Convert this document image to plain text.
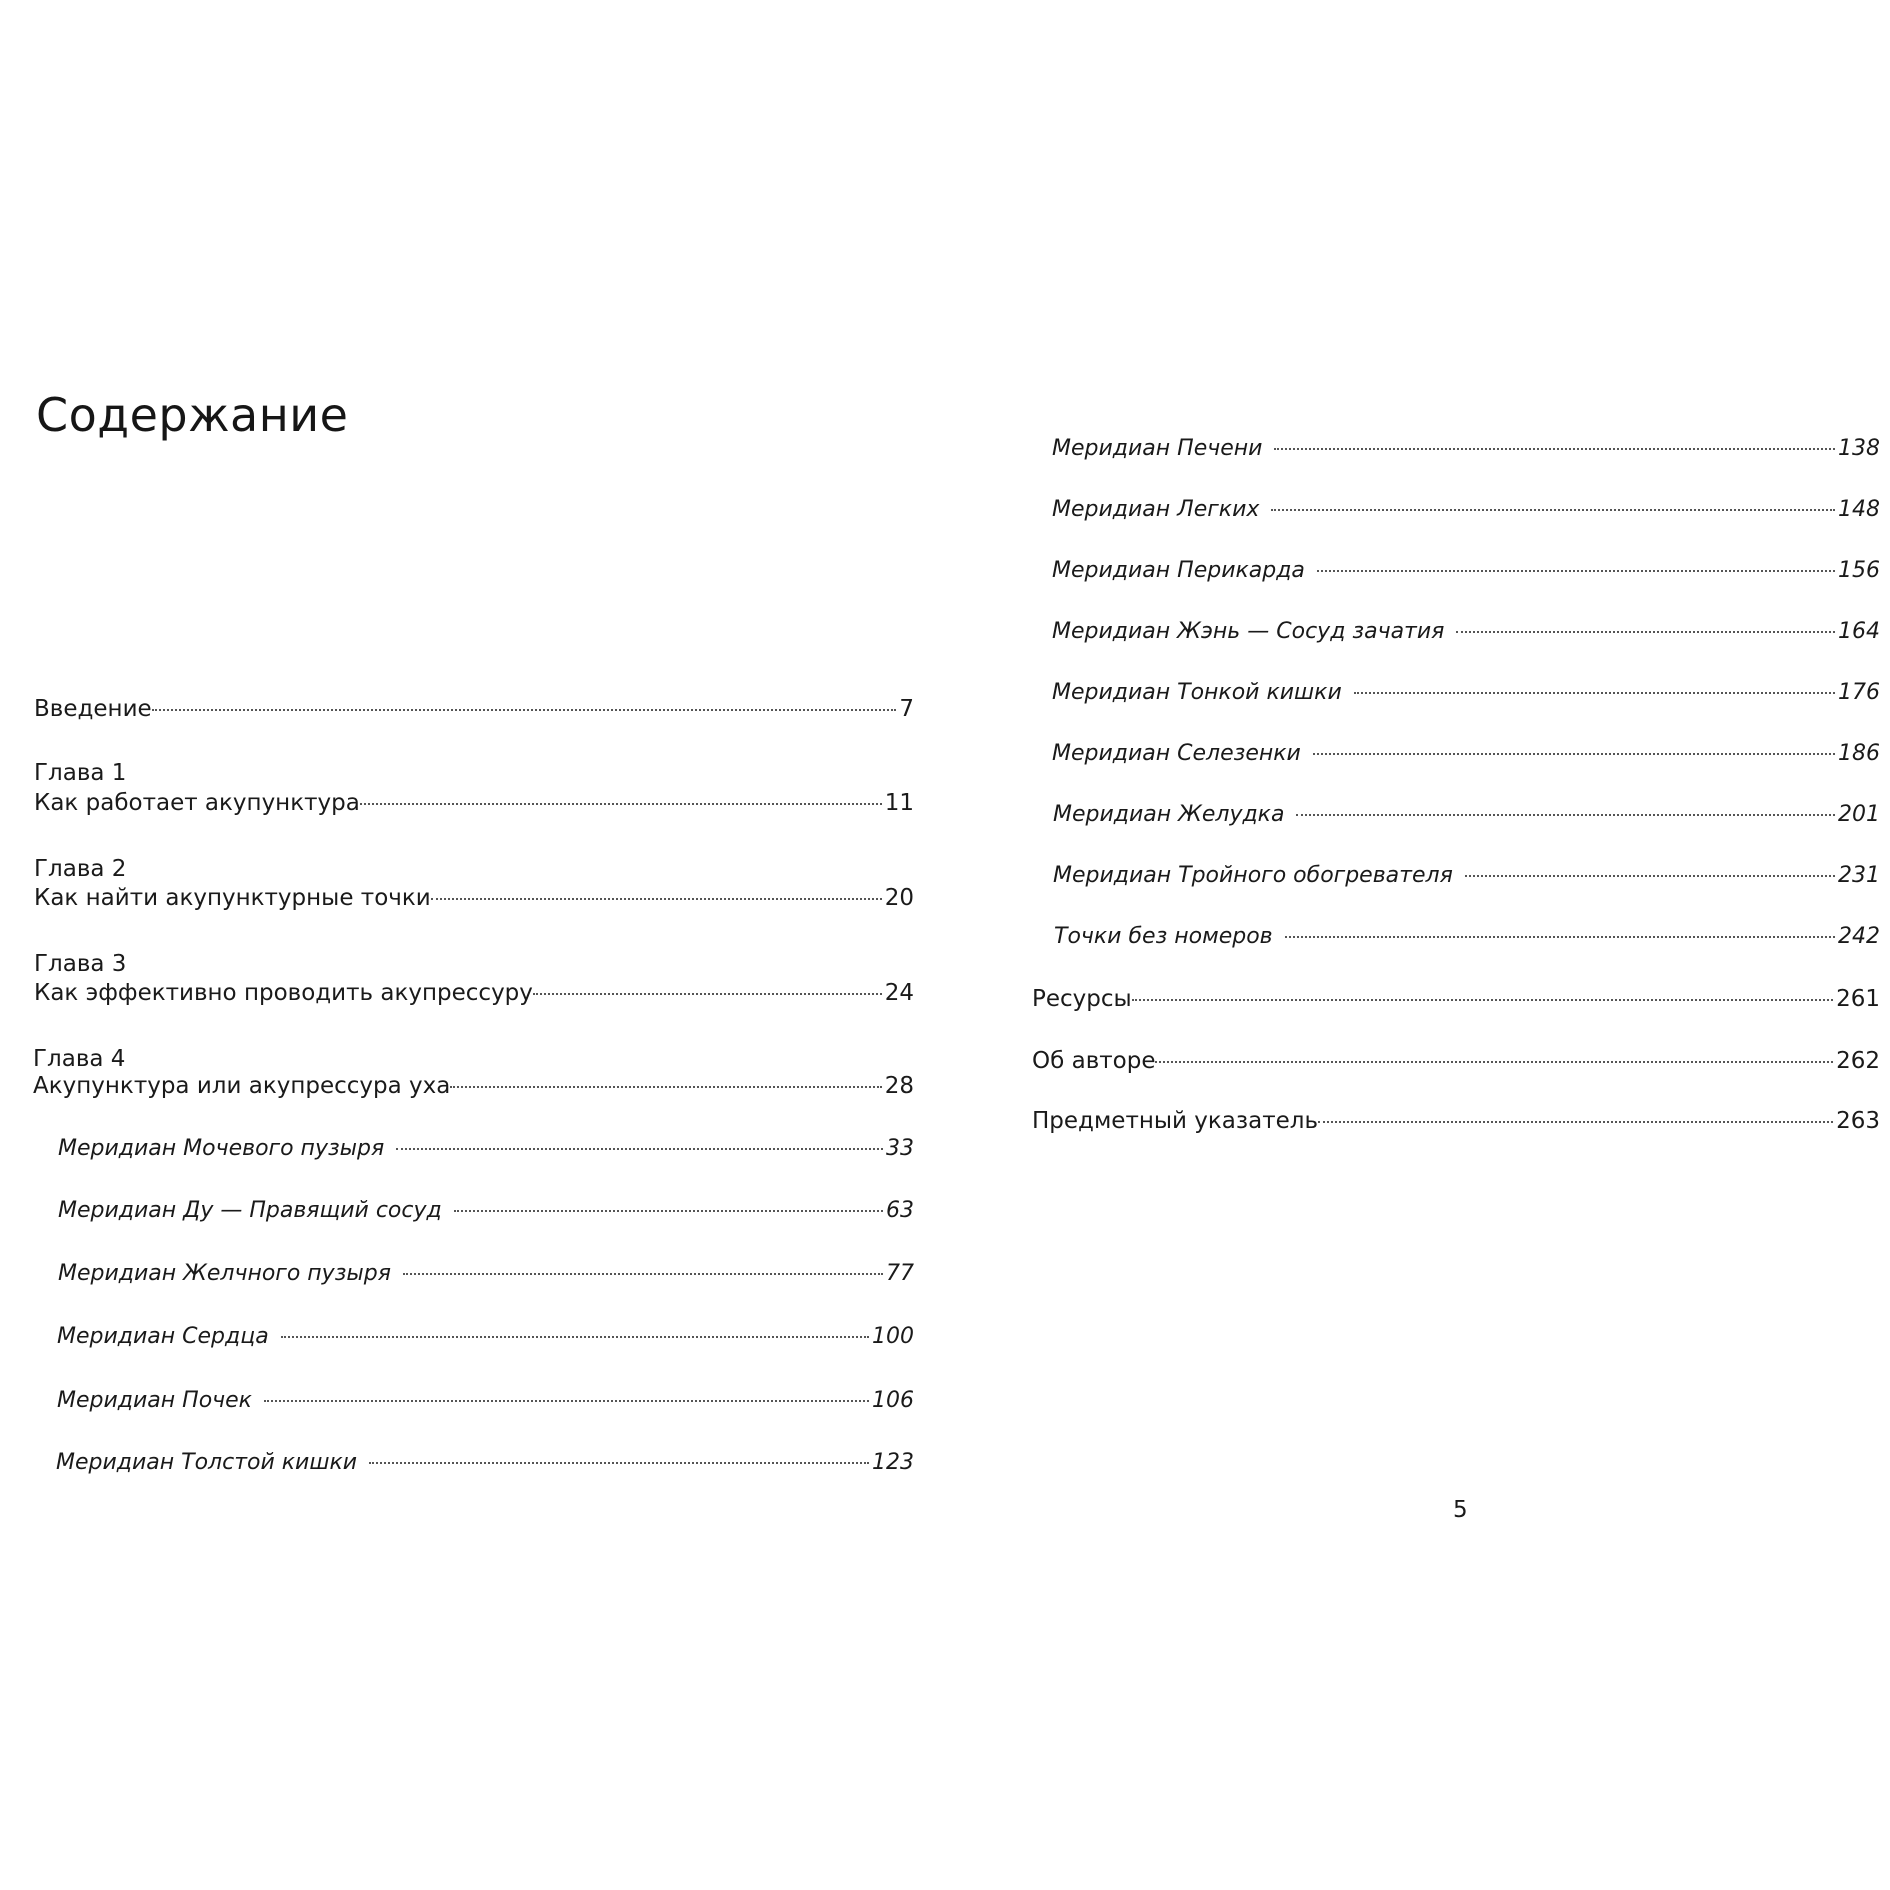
Содержание
Введение	7
Глава 1
Как работает акупунктура	11
Глава 2
Как найти акупунктурные точки	20
Глава 3
Как эффективно проводить акупрессуру	24
Глава 4
Акупунктура или акупрессура уха	28
Меридиан Мочевого пузыря	33
Меридиан Ду — Правящий сосуд	63
Меридиан Желчного пузыря	77
Меридиан Сердца	100
Меридиан Почек	106
Меридиан Толстой кишки	123
Меридиан Печени	138
Меридиан Легких	148
Меридиан Перикарда	156
Меридиан Жэнь — Сосуд зачатия	164
Меридиан Тонкой кишки	176
Меридиан Селезенки	186
Меридиан Желудка	201
Меридиан Тройного обогревателя	231
Точки без номеров	242
Ресурсы	261
Об авторе	262
Предметный указатель	263
5
